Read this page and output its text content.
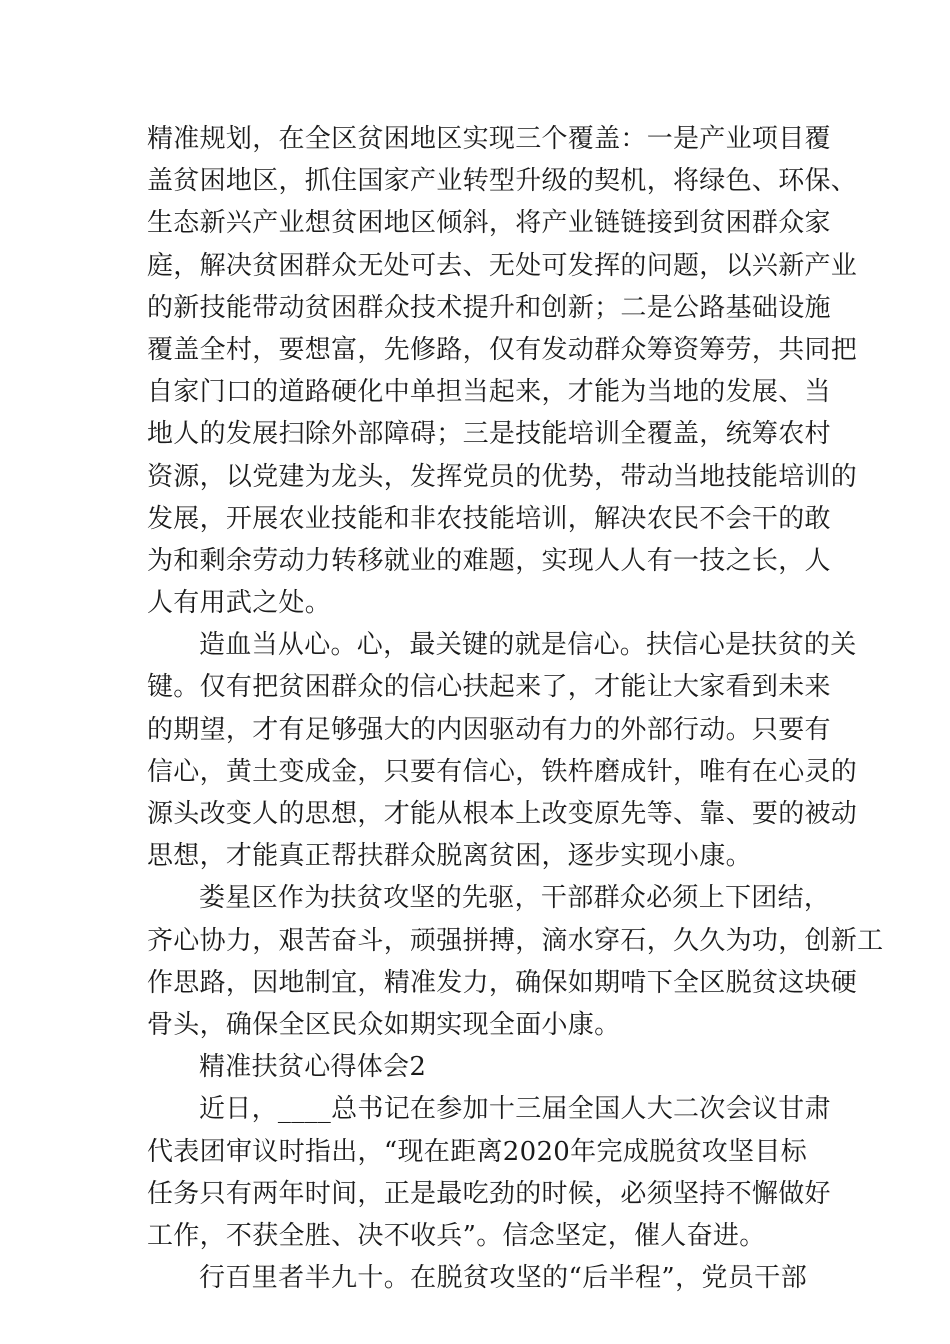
精准规划，在全区贫困地区实现三个覆盖：一是产业项目覆
盖贫困地区，抓住国家产业转型升级的契机，将绿色、环保、
生态新兴产业想贫困地区倾斜，将产业链链接到贫困群众家
庭，解决贫困群众无处可去、无处可发挥的问题，以兴新产业
的新技能带动贫困群众技术提升和创新；二是公路基础设施
覆盖全村，要想富，先修路，仅有发动群众筹资筹劳，共同把
自家门口的道路硬化中单担当起来，才能为当地的发展、当
地人的发展扫除外部障碍；三是技能培训全覆盖，统筹农村
资源，以党建为龙头，发挥党员的优势，带动当地技能培训的
发展，开展农业技能和非农技能培训，解决农民不会干的敢
为和剩余劳动力转移就业的难题，实现人人有一技之长，人
人有用武之处。
造血当从心。心，最关键的就是信心。扶信心是扶贫的关
键。仅有把贫困群众的信心扶起来了，才能让大家看到未来
的期望，才有足够强大的内因驱动有力的外部行动。只要有
信心，黄土变成金，只要有信心，铁杵磨成针，唯有在心灵的
源头改变人的思想，才能从根本上改变原先等、靠、要的被动
思想，才能真正帮扶群众脱离贫困，逐步实现小康。
娄星区作为扶贫攻坚的先驱，干部群众必须上下团结，
齐心协力，艰苦奋斗，顽强拼搏，滴水穿石，久久为功，创新工
作思路，因地制宜，精准发力，确保如期啃下全区脱贫这块硬
骨头，确保全区民众如期实现全面小康。
精准扶贫心得体会2
近日，____总书记在参加十三届全国人大二次会议甘肃
代表团审议时指出，“现在距离2020年完成脱贫攻坚目标
任务只有两年时间，正是最吃劲的时候，必须坚持不懈做好
工作，不获全胜、决不收兵”。信念坚定，催人奋进。
行百里者半九十。在脱贫攻坚的“后半程”，党员干部
